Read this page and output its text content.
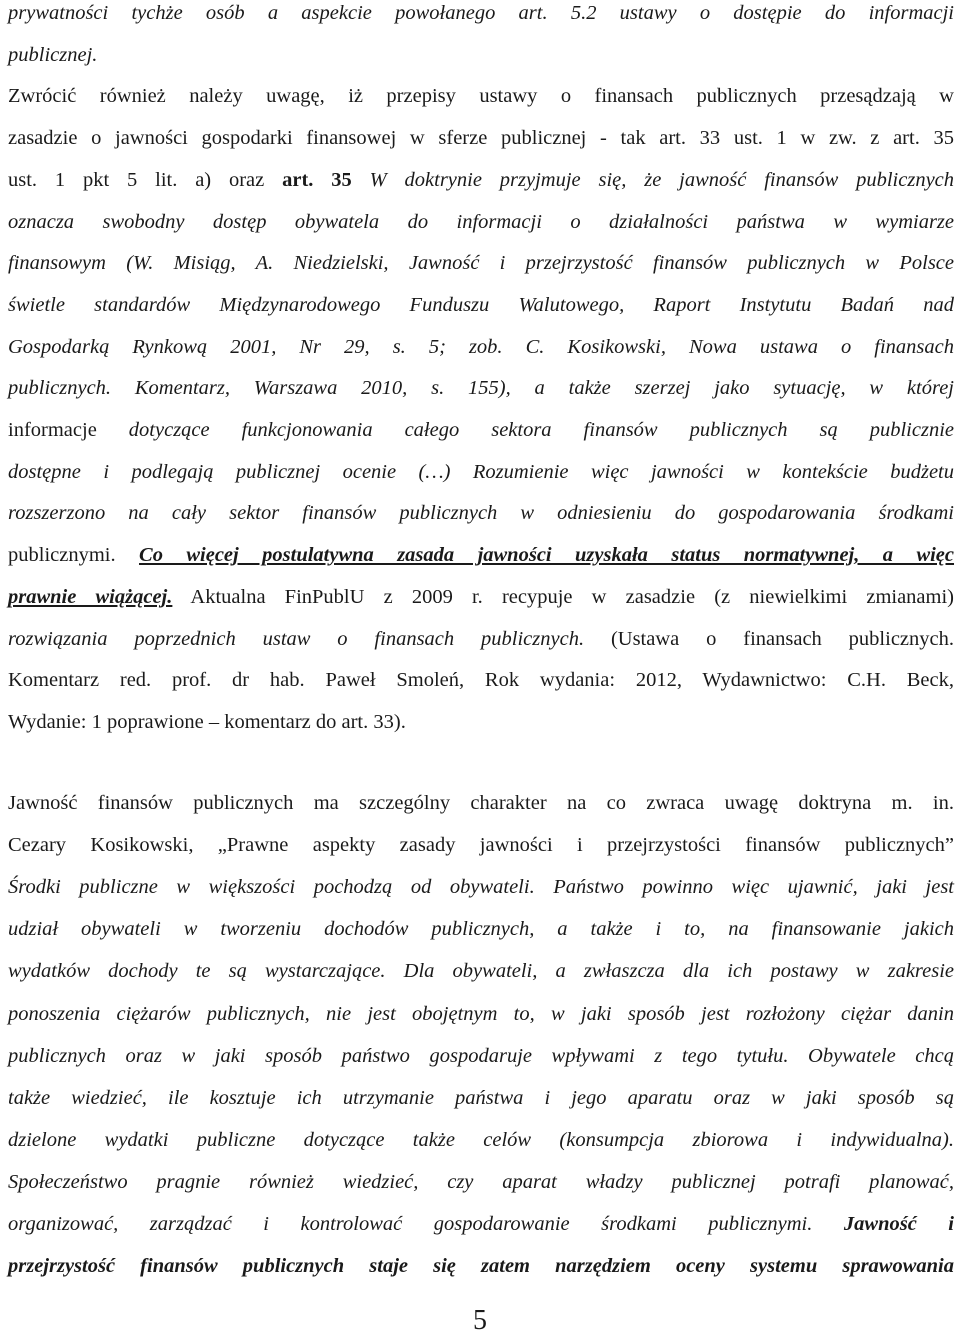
prywatności tychże osób a aspekcie powołanego art. 5.2 ustawy o dostępie do informacji
publicznej.
Zwrócić również należy uwagę, iż przepisy ustawy o finansach publicznych przesądzają w
zasadzie o jawności gospodarki finansowej w sferze publicznej - tak art. 33 ust. 1 w zw. z art. 35
ust. 1 pkt 5 lit. a) oraz art. 35 W doktrynie przyjmuje się, że jawność finansów publicznych
oznacza swobodny dostęp obywatela do informacji o działalności państwa w wymiarze
finansowym (W. Misiąg, A. Niedzielski, Jawność i przejrzystość finansów publicznych w Polsce
świetle standardów Międzynarodowego Funduszu Walutowego, Raport Instytutu Badań nad
Gospodarką Rynkową 2001, Nr 29, s. 5; zob. C. Kosikowski, Nowa ustawa o finansach
publicznych. Komentarz, Warszawa 2010, s. 155), a także szerzej jako sytuację, w której
informacje dotyczące funkcjonowania całego sektora finansów publicznych są publicznie
dostępne i podlegają publicznej ocenie (…) Rozumienie więc jawności w kontekście budżetu
rozszerzono na cały sektor finansów publicznych w odniesieniu do gospodarowania środkami
publicznymi. Co więcej postulatywna zasada jawności uzyskała status normatywnej, a więc
prawnie wiążącej. Aktualna FinPublU z 2009 r. recypuje w zasadzie (z niewielkimi zmianami)
rozwiązania poprzednich ustaw o finansach publicznych. (Ustawa o finansach publicznych.
Komentarz red. prof. dr hab. Paweł Smoleń, Rok wydania: 2012, Wydawnictwo: C.H. Beck,
Wydanie: 1 poprawione – komentarz do art. 33).
Jawność finansów publicznych ma szczególny charakter na co zwraca uwagę doktryna m. in.
Cezary Kosikowski, „Prawne aspekty zasady jawności i przejrzystości finansów publicznych”
Środki publiczne w większości pochodzą od obywateli. Państwo powinno więc ujawnić, jaki jest
udział obywateli w tworzeniu dochodów publicznych, a także i to, na finansowanie jakich
wydatków dochody te są wystarczające. Dla obywateli, a zwłaszcza dla ich postawy w zakresie
ponoszenia ciężarów publicznych, nie jest obojętnym to, w jaki sposób jest rozłożony ciężar danin
publicznych oraz w jaki sposób państwo gospodaruje wpływami z tego tytułu. Obywatele chcą
także wiedzieć, ile kosztuje ich utrzymanie państwa i jego aparatu oraz w jaki sposób są
dzielone wydatki publiczne dotyczące także celów (konsumpcja zbiorowa i indywidualna).
Społeczeństwo pragnie również wiedzieć, czy aparat władzy publicznej potrafi planować,
organizować, zarządzać i kontrolować gospodarowanie środkami publicznymi. Jawność i
przejrzystość finansów publicznych staje się zatem narzędziem oceny systemu sprawowania
5
